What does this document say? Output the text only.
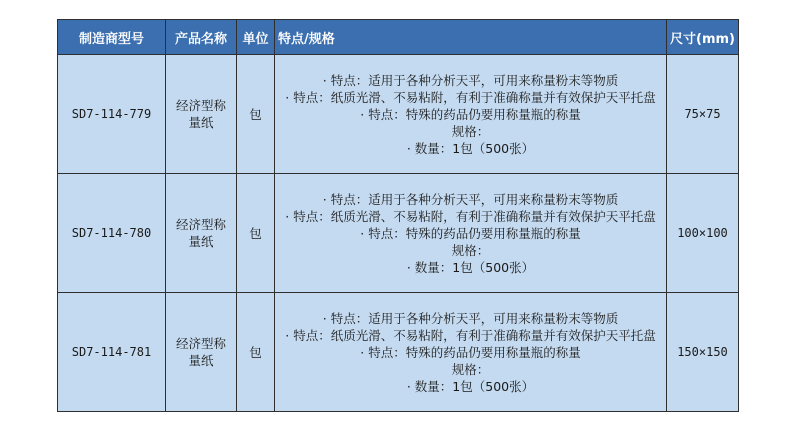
制造商型号	产品名称	单位	特点/规格	尺寸(mm)
SD7-114-779	经济型称量纸	包	· 特点：适用于各种分析天平，可用来称量粉末等物质
· 特点：纸质光滑、不易粘附，有利于准确称量并有效保护天平托盘
· 特点：特殊的药品仍要用称量瓶的称量
规格：
· 数量：1包（500张）	75×75
SD7-114-780	经济型称量纸	包	· 特点：适用于各种分析天平，可用来称量粉末等物质
· 特点：纸质光滑、不易粘附，有利于准确称量并有效保护天平托盘
· 特点：特殊的药品仍要用称量瓶的称量
规格：
· 数量：1包（500张）	100×100
SD7-114-781	经济型称量纸	包	· 特点：适用于各种分析天平，可用来称量粉末等物质
· 特点：纸质光滑、不易粘附，有利于准确称量并有效保护天平托盘
· 特点：特殊的药品仍要用称量瓶的称量
规格：
· 数量：1包（500张）	150×150
